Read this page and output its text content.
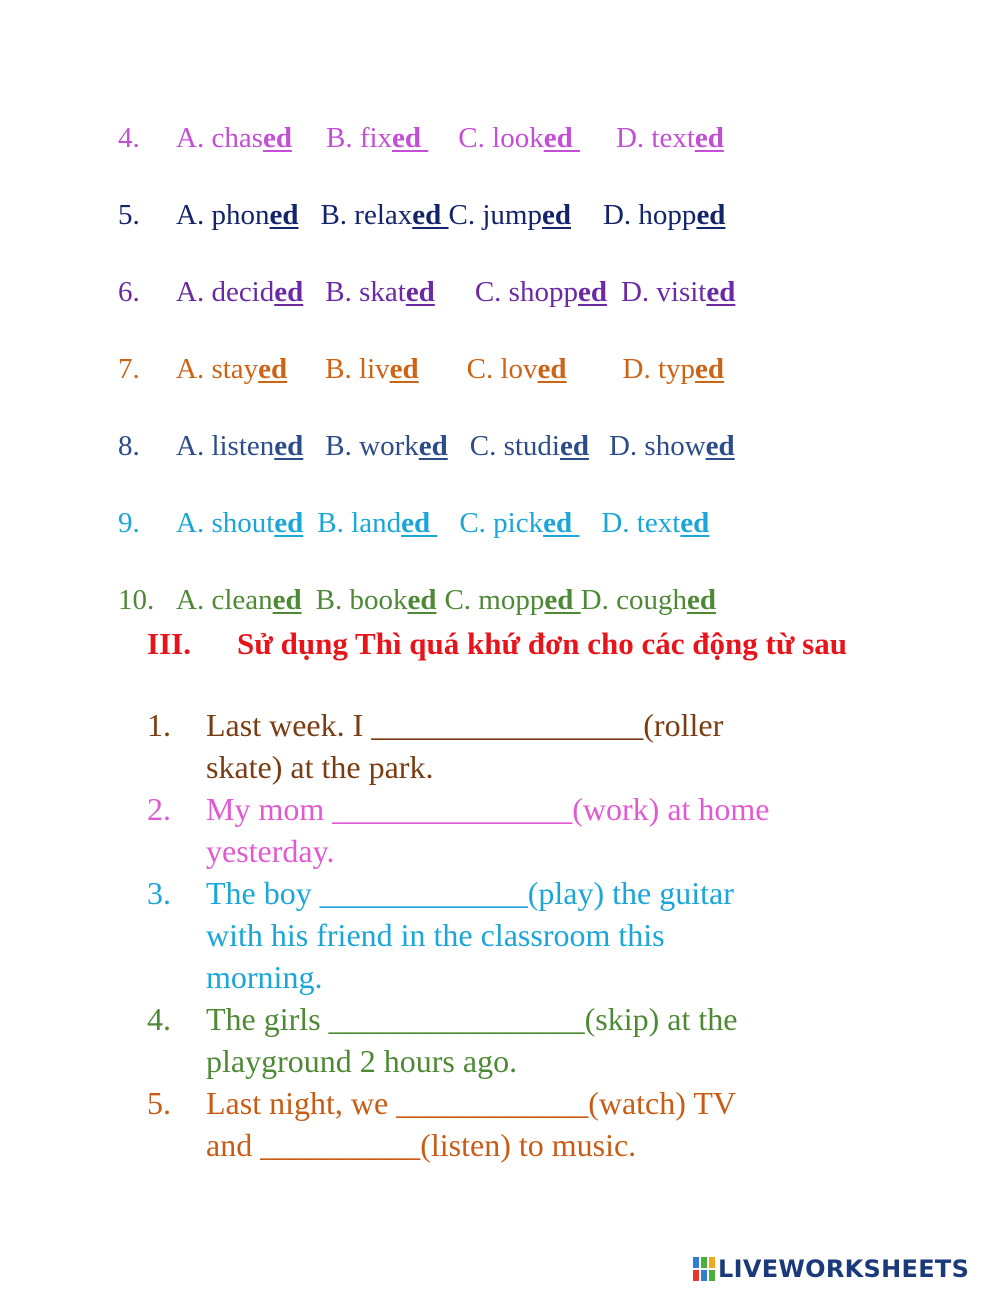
4. A. chased B. fixed C. looked D. texted
5. A. phoned B. relaxed C. jumped D. hopped
6. A. decided B. skated C. shopped D. visited
7. A. stayed B. lived C. loved D. typed
8. A. listened B. worked C. studied D. showed
9. A. shouted B. landed C. picked D. texted
10. A. cleaned B. booked C. mopped D. coughed
III. Sử dụng Thì quá khứ đơn cho các động từ sau
1. Last week. I _________________(roller
skate) at the park.
2. My mom _______________(work) at home
yesterday.
3. The boy _____________(play) the guitar
with his friend in the classroom this
morning.
4. The girls ________________(skip) at the
playground 2 hours ago.
5. Last night, we ____________(watch) TV
and __________(listen) to music.
LIVEWORKSHEETS
